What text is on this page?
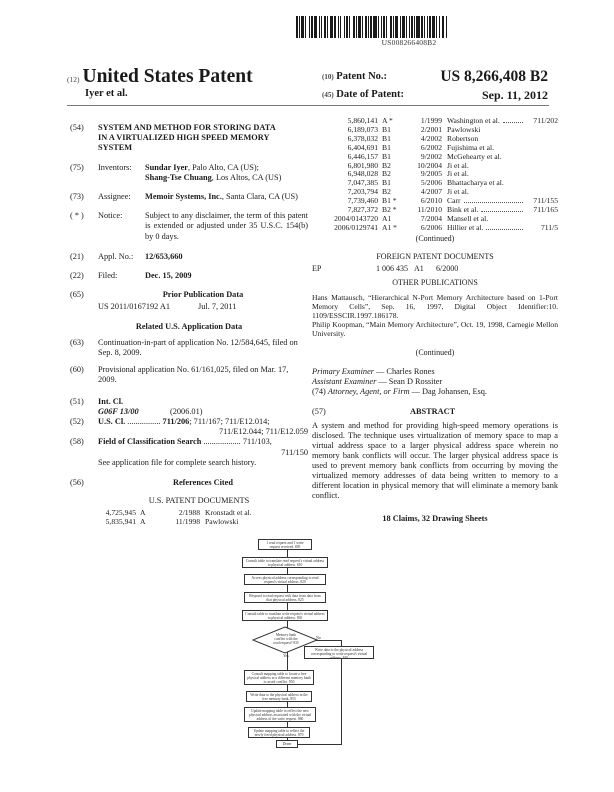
US008266408B2
(12) United States Patent
Iyer et al.
(10) Patent No.:	US 8,266,408 B2
(45) Date of Patent:	Sep. 11, 2012
(54)	SYSTEM AND METHOD FOR STORING DATA IN A VIRTUALIZED HIGH SPEED MEMORY SYSTEM
(75)	Inventors:	Sundar Iyer, Palo Alto, CA (US);
Shang-Tse Chuang, Los Altos, CA (US)
(73)	Assignee:	Memoir Systems, Inc., Santa Clara, CA (US)
( * )	Notice:	Subject to any disclaimer, the term of this patent is extended or adjusted under 35 U.S.C. 154(b) by 0 days.
(21)	Appl. No.:	12/653,660
(22)	Filed:	Dec. 15, 2009
(65)	Prior Publication Data
US 2011/0167192 A1	Jul. 7, 2011
Related U.S. Application Data
(63)	Continuation-in-part of application No. 12/584,645, filed on Sep. 8, 2009.
(60)	Provisional application No. 61/161,025, filed on Mar. 17, 2009.
(51)	Int. Cl.
G06F 13/00	(2006.01)
(52)	U.S. Cl. ................ 711/206; 711/167; 711/E12.014;
711/E12.044; 711/E12.059
(58)	Field of Classification Search .................. 711/103,
711/150
See application file for complete search history.
(56)	References Cited
U.S. PATENT DOCUMENTS
4,725,945 A	2/1988 Kronstadt et al.
5,835,941 A	11/1998 Pawlowski
5,860,141 A *	1/1999 Washington et al.	711/202
6,189,073 B1	2/2001 Pawlowski
6,378,032 B1	4/2002 Robertson
6,404,691 B1	6/2002 Fujishima et al.
6,446,157 B1	9/2002 McGehearty et al.
6,801,980 B2	10/2004 Ji et al.
6,948,028 B2	9/2005 Ji et al.
7,047,385 B1	5/2006 Bhattacharya et al.
7,203,794 B2	4/2007 Ji et al.
7,739,460 B1 *	6/2010 Carr	711/155
7,827,372 B2 *	11/2010 Bink et al.	711/165
2004/0143720 A1	7/2004 Mansell et al.
2006/0129741 A1 *	6/2006 Hillier et al.	711/5
(Continued)
FOREIGN PATENT DOCUMENTS
EP	1 006 435 A1	6/2000
OTHER PUBLICATIONS
Hans Mattausch, “Hierarchical N-Port Memory Architecture based on 1-Port Memory Cells”, Sep. 16, 1997, Digital Object Identifier:10. 1109/ESSCIR.1997.186178.
Philip Koopman, “Main Memory Architecture”, Oct. 19, 1998, Carnegie Mellon University.
(Continued)
Primary Examiner — Charles Rones
Assistant Examiner — Sean D Rossiter
(74) Attorney, Agent, or Firm — Dag Johansen, Esq.
(57)	ABSTRACT
A system and method for providing high-speed memory operations is disclosed. The technique uses virtualization of memory space to map a virtual address space to a larger physical address space wherein no memory bank conflicts will occur. The larger physical address space is used to prevent memory bank conflicts from occurring by moving the virtualized memory addresses of data being written to memory to a different location in physical memory that will eliminate a memory bank conflict.
18 Claims, 32 Drawing Sheets
1 read request and 1 write request received. 805
Consult table to translate read request's virtual address to physical address. 810
Access physical address corresponding to read request's virtual address. 820
Respond to read request with data from data from that physical address. 825
Consult table to translate write request's virtual address to physical address. 830
Memory bank conflict with the read request? 835
No
Yes
Write data to the physical address corresponding to write request's virtual address. 840
Consult mapping table to locate a free physical address in a different memory bank to avoid conflict. 850
Write data to the physical address in the free memory bank. 855
Update mapping table to reflect the new physical address associated with the virtual address of the write request. 860
Update mapping table to reflect the newly freed physical address. 870
Done
